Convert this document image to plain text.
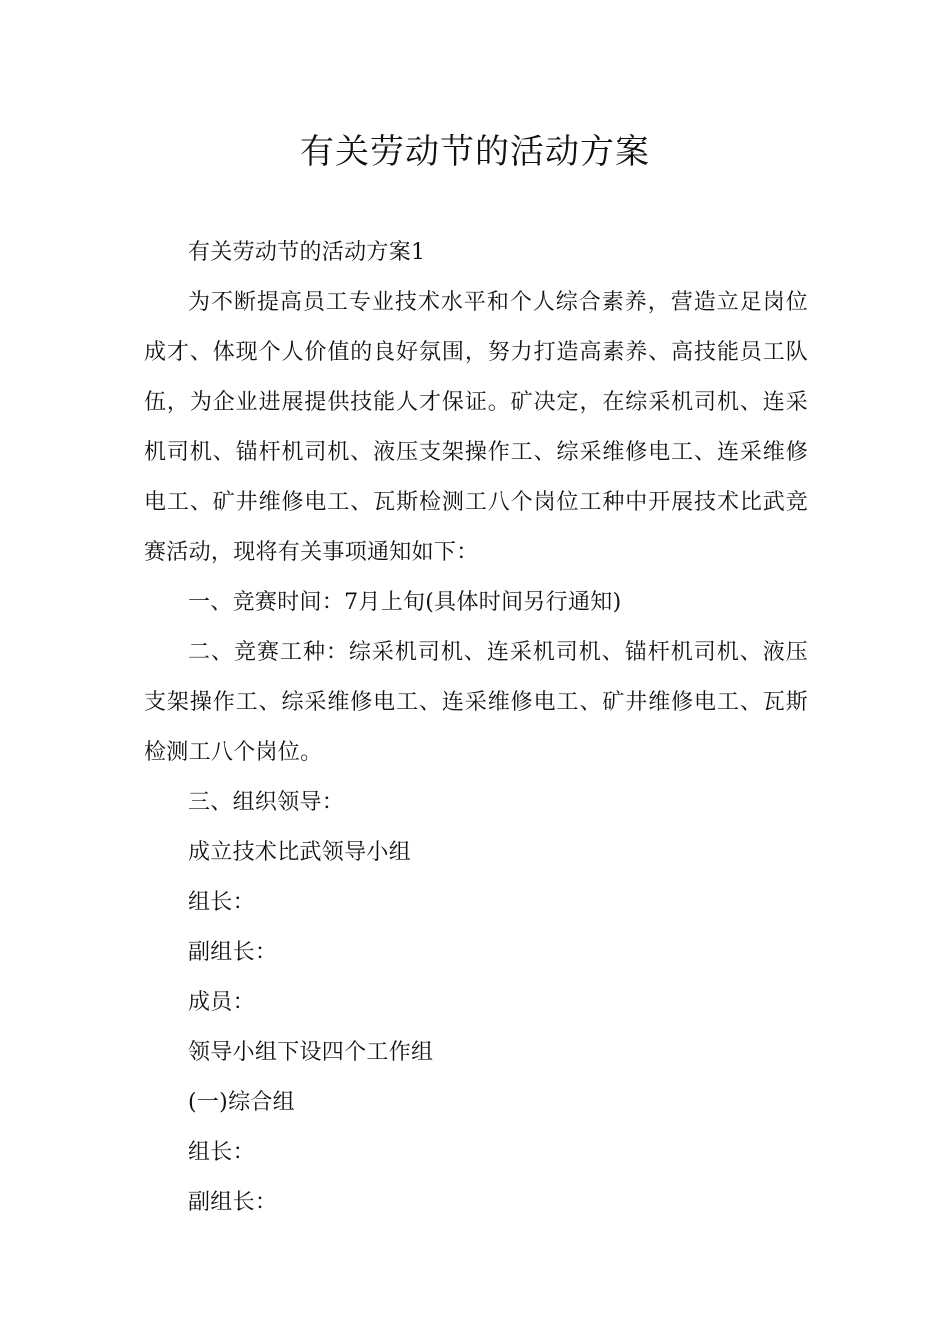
有关劳动节的活动方案

有关劳动节的活动方案1

为不断提高员工专业技术水平和个人综合素养，营造立足岗位成才、体现个人价值的良好氛围，努力打造高素养、高技能员工队伍，为企业进展提供技能人才保证。矿决定，在综采机司机、连采机司机、锚杆机司机、液压支架操作工、综采维修电工、连采维修电工、矿井维修电工、瓦斯检测工八个岗位工种中开展技术比武竞赛活动，现将有关事项通知如下：

一、竞赛时间：7月上旬(具体时间另行通知)

二、竞赛工种：综采机司机、连采机司机、锚杆机司机、液压支架操作工、综采维修电工、连采维修电工、矿井维修电工、瓦斯检测工八个岗位。

三、组织领导：

成立技术比武领导小组

组长：

副组长：

成员：

领导小组下设四个工作组

(一)综合组

组长：

副组长：
